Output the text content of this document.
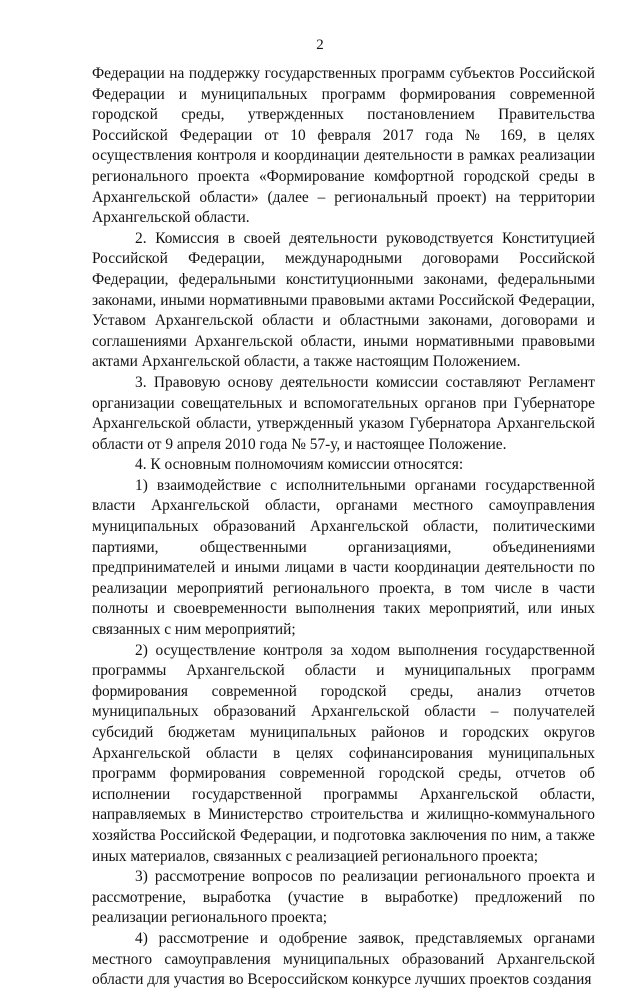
2

Федерации на поддержку государственных программ субъектов Российской Федерации и муниципальных программ формирования современной городской среды, утвержденных постановлением Правительства Российской Федерации от 10 февраля 2017 года № 169, в целях осуществления контроля и координации деятельности в рамках реализации регионального проекта «Формирование комфортной городской среды в Архангельской области» (далее – региональный проект) на территории Архангельской области.

2. Комиссия в своей деятельности руководствуется Конституцией Российской Федерации, международными договорами Российской Федерации, федеральными конституционными законами, федеральными законами, иными нормативными правовыми актами Российской Федерации, Уставом Архангельской области и областными законами, договорами и соглашениями Архангельской области, иными нормативными правовыми актами Архангельской области, а также настоящим Положением.

3. Правовую основу деятельности комиссии составляют Регламент организации совещательных и вспомогательных органов при Губернаторе Архангельской области, утвержденный указом Губернатора Архангельской области от 9 апреля 2010 года № 57-у, и настоящее Положение.

4. К основным полномочиям комиссии относятся:

1) взаимодействие с исполнительными органами государственной власти Архангельской области, органами местного самоуправления муниципальных образований Архангельской области, политическими партиями, общественными организациями, объединениями предпринимателей и иными лицами в части координации деятельности по реализации мероприятий регионального проекта, в том числе в части полноты и своевременности выполнения таких мероприятий, или иных связанных с ним мероприятий;

2) осуществление контроля за ходом выполнения государственной программы Архангельской области и муниципальных программ формирования современной городской среды, анализ отчетов муниципальных образований Архангельской области – получателей субсидий бюджетам муниципальных районов и городских округов Архангельской области в целях софинансирования муниципальных программ формирования современной городской среды, отчетов об исполнении государственной программы Архангельской области, направляемых в Министерство строительства и жилищно-коммунального хозяйства Российской Федерации, и подготовка заключения по ним, а также иных материалов, связанных с реализацией регионального проекта;

3) рассмотрение вопросов по реализации регионального проекта и рассмотрение, выработка (участие в выработке) предложений по реализации регионального проекта;

4) рассмотрение и одобрение заявок, представляемых органами местного самоуправления муниципальных образований Архангельской области для участия во Всероссийском конкурсе лучших проектов создания
